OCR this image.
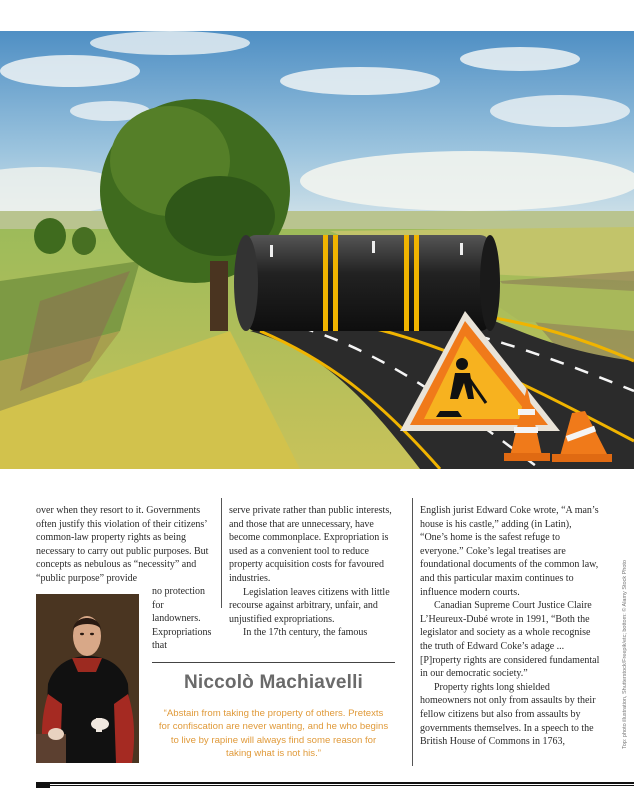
over when they resort to it. Governments often justify this violation of their citizens’ common-law property rights as being necessary to carry out public purposes. But concepts as nebulous as “necessity” and “public purpose” provide

no protection for landowners. Expropriations that

serve private rather than public interests, and those that are unnecessary, have become commonplace. Expropriation is used as a convenient tool to reduce property acquisition costs for favoured industries.

Legislation leaves citizens with little recourse against arbitrary, unfair, and unjustified expropriations.

In the 17th century, the famous

English jurist Edward Coke wrote, “A man’s house is his castle,” adding (in Latin), “One’s home is the safest refuge to everyone.” Coke’s legal treatises are foundational documents of the common law, and this particular maxim continues to influence modern courts.

Canadian Supreme Court Justice Claire L’Heureux-Dubé wrote in 1991, “Both the legislator and society as a whole recognise the truth of Edward Coke’s adage ... [P]roperty rights are considered fundamental in our democratic society.”

Property rights long shielded homeowners not only from assaults by their fellow citizens but also from assaults by governments themselves. In a speech to the British House of Commons in 1763,	Top: photo illustration, Shutterstock/Freepik/etc; bottom: © Alamy Stock Photo
Niccolò Machiavelli
“Abstain from taking the property of others. Pretexts for confiscation are never wanting, and he who begins to live by rapine will always find some reason for taking what is not his.”
